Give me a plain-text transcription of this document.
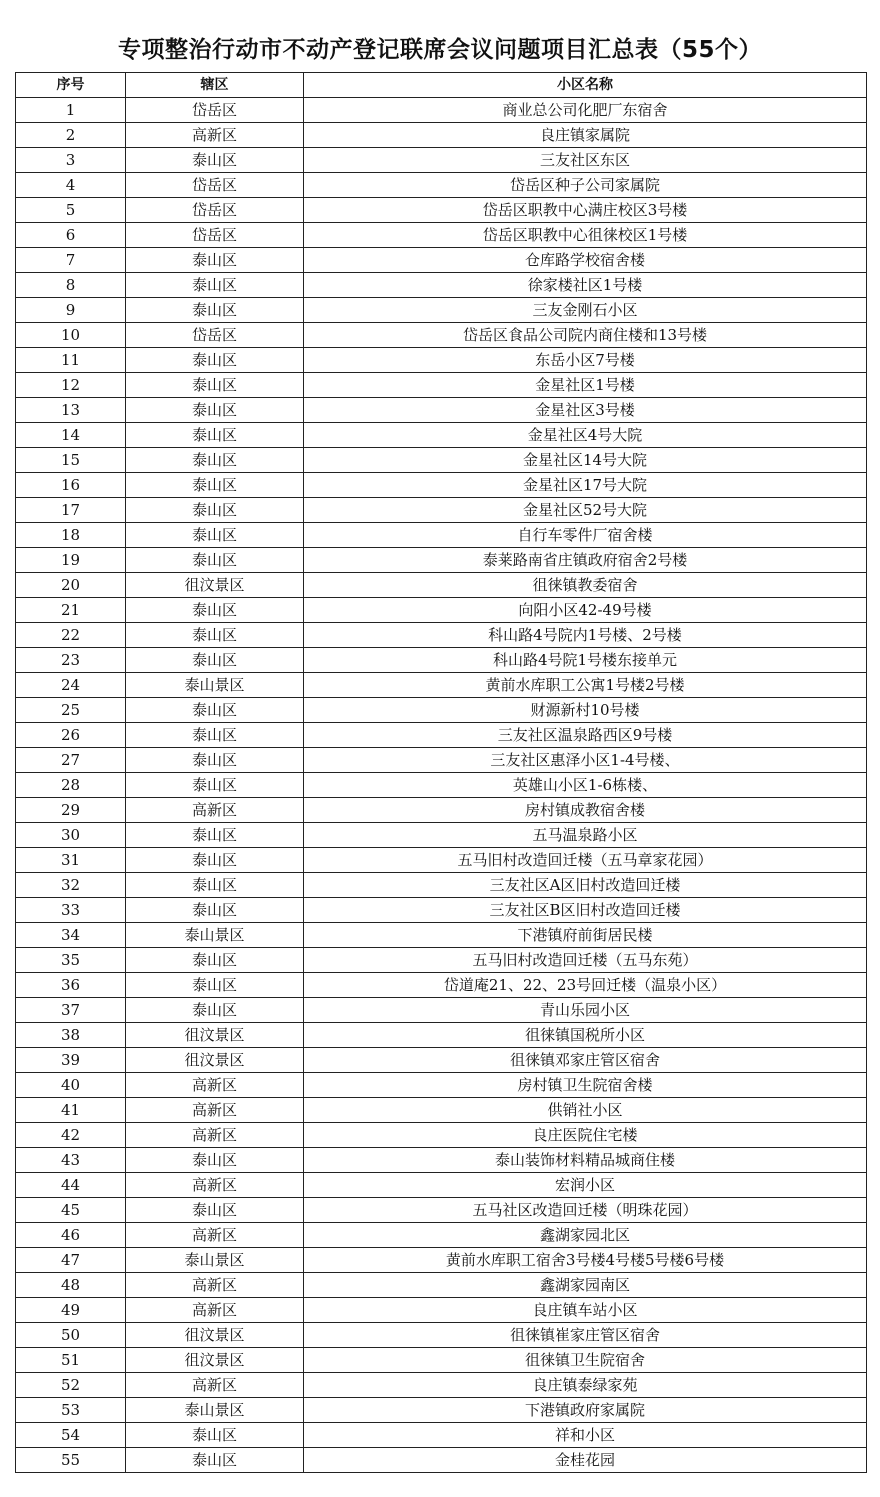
专项整治行动市不动产登记联席会议问题项目汇总表（55个）
序号	辖区	小区名称
1	岱岳区	商业总公司化肥厂东宿舍
2	高新区	良庄镇家属院
3	泰山区	三友社区东区
4	岱岳区	岱岳区种子公司家属院
5	岱岳区	岱岳区职教中心满庄校区3号楼
6	岱岳区	岱岳区职教中心徂徕校区1号楼
7	泰山区	仓库路学校宿舍楼
8	泰山区	徐家楼社区1号楼
9	泰山区	三友金刚石小区
10	岱岳区	岱岳区食品公司院内商住楼和13号楼
11	泰山区	东岳小区7号楼
12	泰山区	金星社区1号楼
13	泰山区	金星社区3号楼
14	泰山区	金星社区4号大院
15	泰山区	金星社区14号大院
16	泰山区	金星社区17号大院
17	泰山区	金星社区52号大院
18	泰山区	自行车零件厂宿舍楼
19	泰山区	泰莱路南省庄镇政府宿舍2号楼
20	徂汶景区	徂徕镇教委宿舍
21	泰山区	向阳小区42-49号楼
22	泰山区	科山路4号院内1号楼、2号楼
23	泰山区	科山路4号院1号楼东接单元
24	泰山景区	黄前水库职工公寓1号楼2号楼
25	泰山区	财源新村10号楼
26	泰山区	三友社区温泉路西区9号楼
27	泰山区	三友社区惠泽小区1-4号楼、
28	泰山区	英雄山小区1-6栋楼、
29	高新区	房村镇成教宿舍楼
30	泰山区	五马温泉路小区
31	泰山区	五马旧村改造回迁楼（五马章家花园）
32	泰山区	三友社区A区旧村改造回迁楼
33	泰山区	三友社区B区旧村改造回迁楼
34	泰山景区	下港镇府前街居民楼
35	泰山区	五马旧村改造回迁楼（五马东苑）
36	泰山区	岱道庵21、22、23号回迁楼（温泉小区）
37	泰山区	青山乐园小区
38	徂汶景区	徂徕镇国税所小区
39	徂汶景区	徂徕镇邓家庄管区宿舍
40	高新区	房村镇卫生院宿舍楼
41	高新区	供销社小区
42	高新区	良庄医院住宅楼
43	泰山区	泰山装饰材料精品城商住楼
44	高新区	宏润小区
45	泰山区	五马社区改造回迁楼（明珠花园）
46	高新区	鑫湖家园北区
47	泰山景区	黄前水库职工宿舍3号楼4号楼5号楼6号楼
48	高新区	鑫湖家园南区
49	高新区	良庄镇车站小区
50	徂汶景区	徂徕镇崔家庄管区宿舍
51	徂汶景区	徂徕镇卫生院宿舍
52	高新区	良庄镇泰绿家苑
53	泰山景区	下港镇政府家属院
54	泰山区	祥和小区
55	泰山区	金桂花园
